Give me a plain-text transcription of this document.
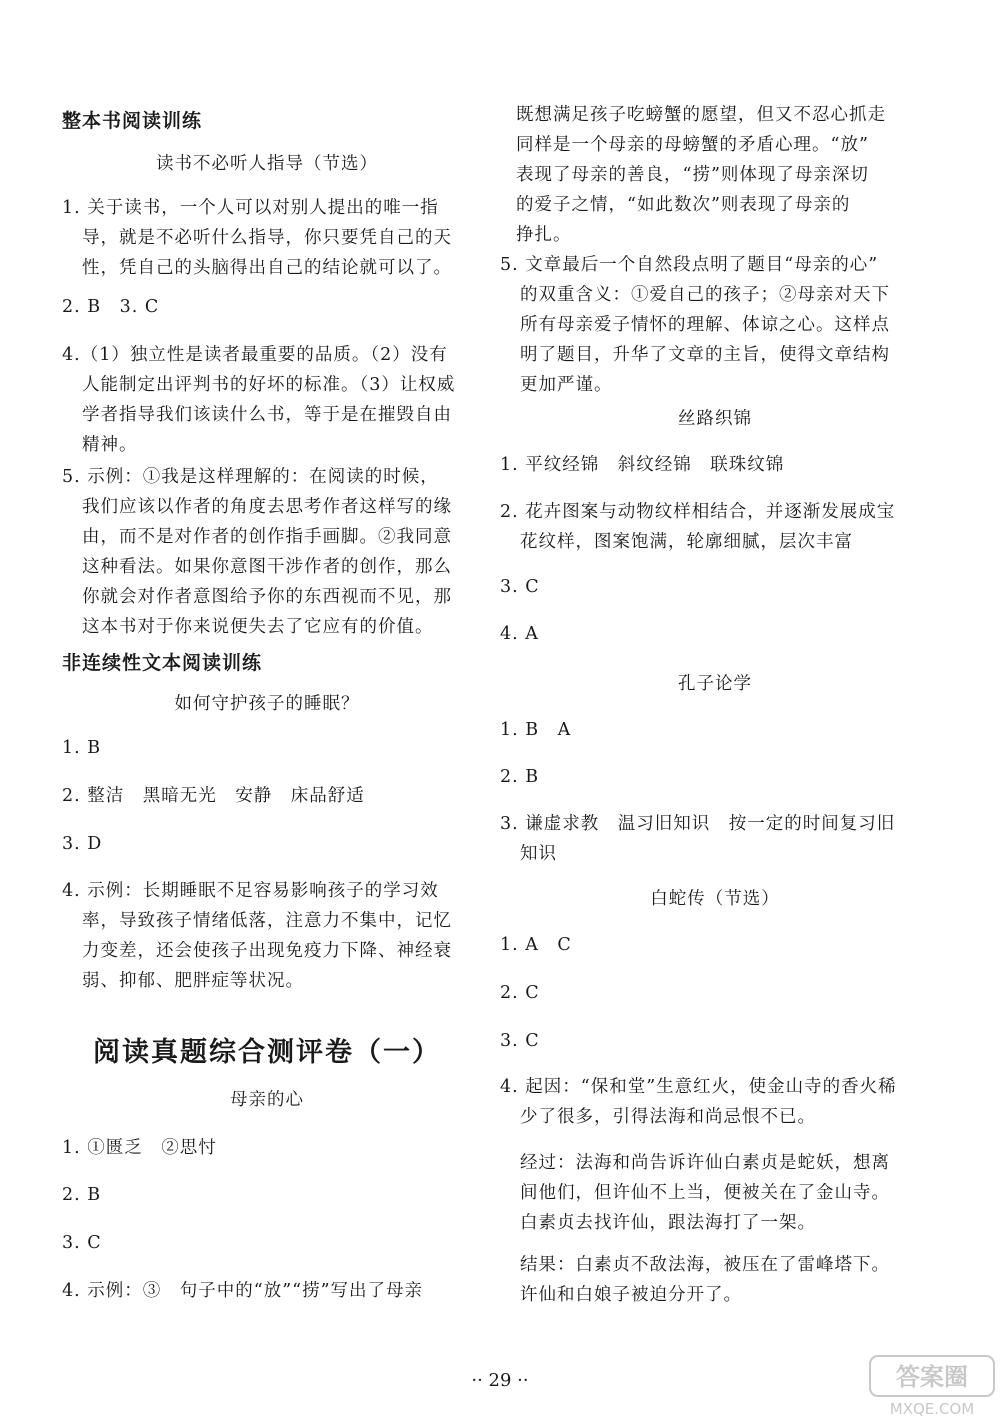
整本书阅读训练
读书不必听人指导（节选）
1. 关于读书，一个人可以对别人提出的唯一指
导，就是不必听什么指导，你只要凭自己的天
性，凭自己的头脑得出自己的结论就可以了。
2. B　3. C
4.（1）独立性是读者最重要的品质。（2）没有
人能制定出评判书的好坏的标准。（3）让权威
学者指导我们该读什么书，等于是在摧毁自由
精神。
5. 示例：①我是这样理解的：在阅读的时候，
我们应该以作者的角度去思考作者这样写的缘
由，而不是对作者的创作指手画脚。②我同意
这种看法。如果你意图干涉作者的创作，那么
你就会对作者意图给予你的东西视而不见，那
这本书对于你来说便失去了它应有的价值。
非连续性文本阅读训练
如何守护孩子的睡眠？
1. B
2. 整洁　黑暗无光　安静　床品舒适
3. D
4. 示例：长期睡眠不足容易影响孩子的学习效
率，导致孩子情绪低落，注意力不集中，记忆
力变差，还会使孩子出现免疫力下降、神经衰
弱、抑郁、肥胖症等状况。
阅读真题综合测评卷（一）
母亲的心
1. ①匮乏　②思忖
2. B
3. C
4. 示例：③　句子中的“放”“捞”写出了母亲
既想满足孩子吃螃蟹的愿望，但又不忍心抓走
同样是一个母亲的母螃蟹的矛盾心理。“放”
表现了母亲的善良，“捞”则体现了母亲深切
的爱子之情，“如此数次”则表现了母亲的
挣扎。
5. 文章最后一个自然段点明了题目“母亲的心”
的双重含义：①爱自己的孩子；②母亲对天下
所有母亲爱子情怀的理解、体谅之心。这样点
明了题目，升华了文章的主旨，使得文章结构
更加严谨。
丝路织锦
1. 平纹经锦　斜纹经锦　联珠纹锦
2. 花卉图案与动物纹样相结合，并逐渐发展成宝
花纹样，图案饱满，轮廓细腻，层次丰富
3. C
4. A
孔子论学
1. B　A
2. B
3. 谦虚求教　温习旧知识　按一定的时间复习旧
知识
白蛇传（节选）
1. A　C
2. C
3. C
4. 起因：“保和堂”生意红火，使金山寺的香火稀
少了很多，引得法海和尚忌恨不已。
经过：法海和尚告诉许仙白素贞是蛇妖，想离
间他们，但许仙不上当，便被关在了金山寺。
白素贞去找许仙，跟法海打了一架。
结果：白素贞不敌法海，被压在了雷峰塔下。
许仙和白娘子被迫分开了。
·· 29 ··	答案圈
MXQE.COM
